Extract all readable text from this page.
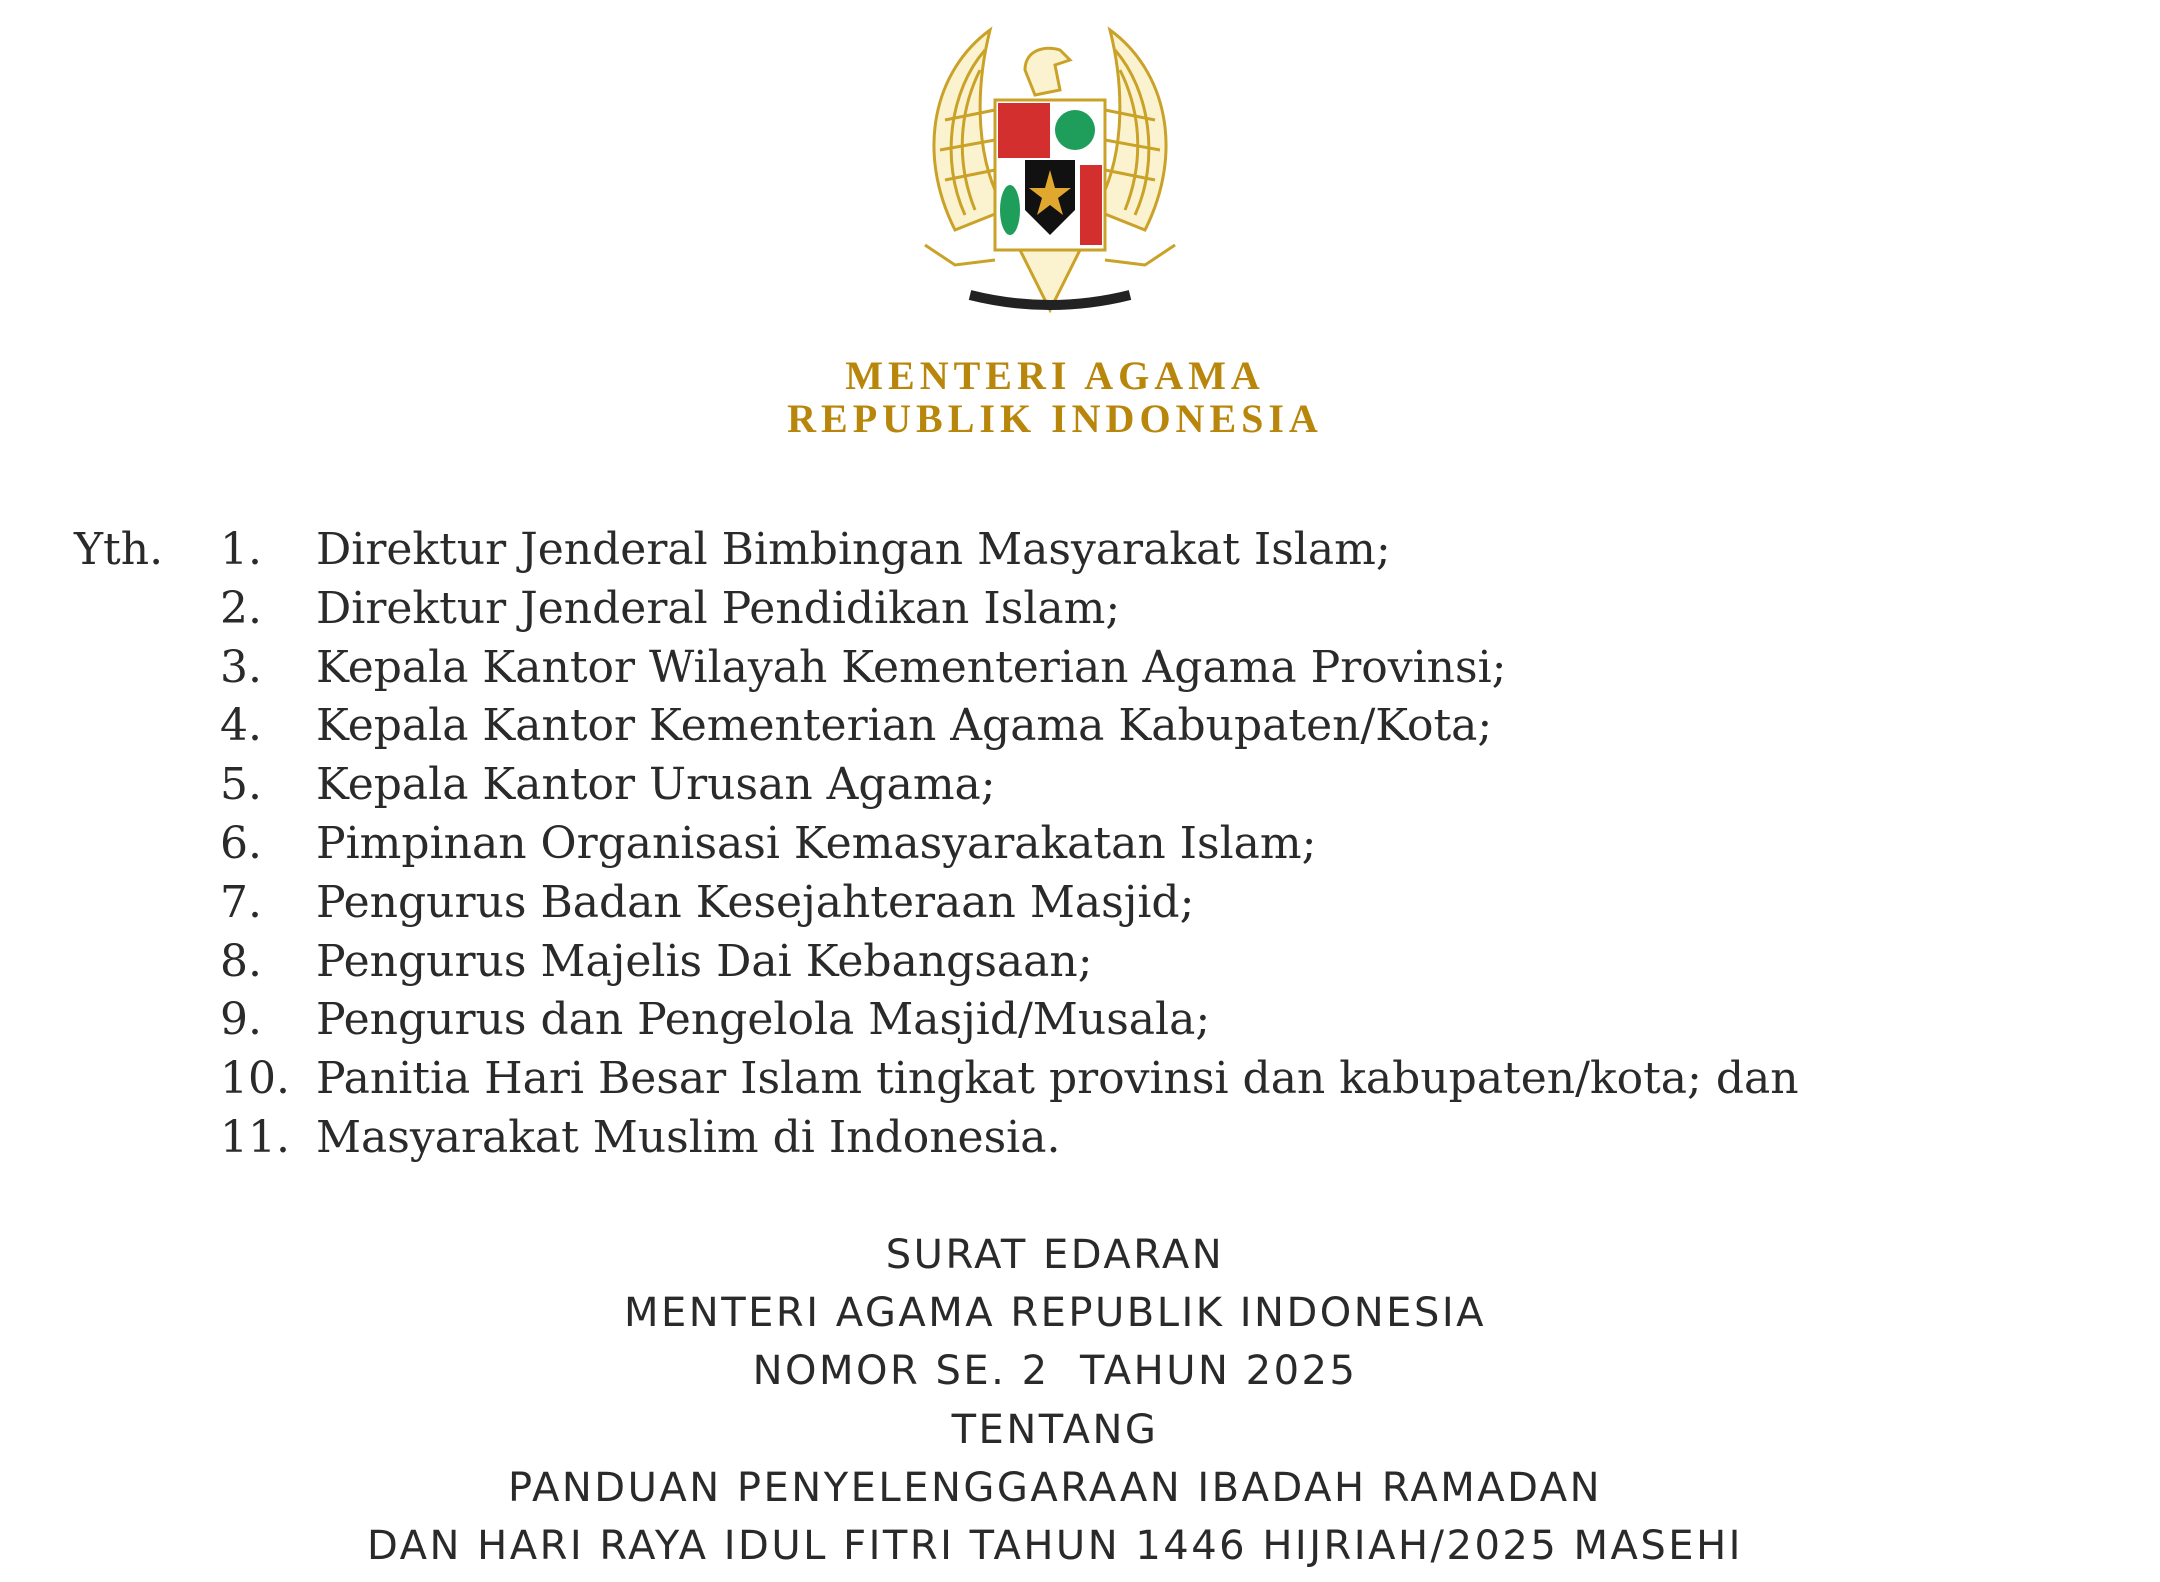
MENTERI AGAMA
REPUBLIK INDONESIA
Yth. 1.	Direktur Jenderal Bimbingan Masyarakat Islam;
2.	Direktur Jenderal Pendidikan Islam;
3.	Kepala Kantor Wilayah Kementerian Agama Provinsi;
4.	Kepala Kantor Kementerian Agama Kabupaten/Kota;
5.	Kepala Kantor Urusan Agama;
6.	Pimpinan Organisasi Kemasyarakatan Islam;
7.	Pengurus Badan Kesejahteraan Masjid;
8.	Pengurus Majelis Dai Kebangsaan;
9.	Pengurus dan Pengelola Masjid/Musala;
10. Panitia Hari Besar Islam tingkat provinsi dan kabupaten/kota; dan
11. Masyarakat Muslim di Indonesia.
SURAT EDARAN
MENTERI AGAMA REPUBLIK INDONESIA
NOMOR SE. 2  TAHUN 2025
TENTANG
PANDUAN PENYELENGGARAAN IBADAH RAMADAN
DAN HARI RAYA IDUL FITRI TAHUN 1446 HIJRIAH/2025 MASEHI
